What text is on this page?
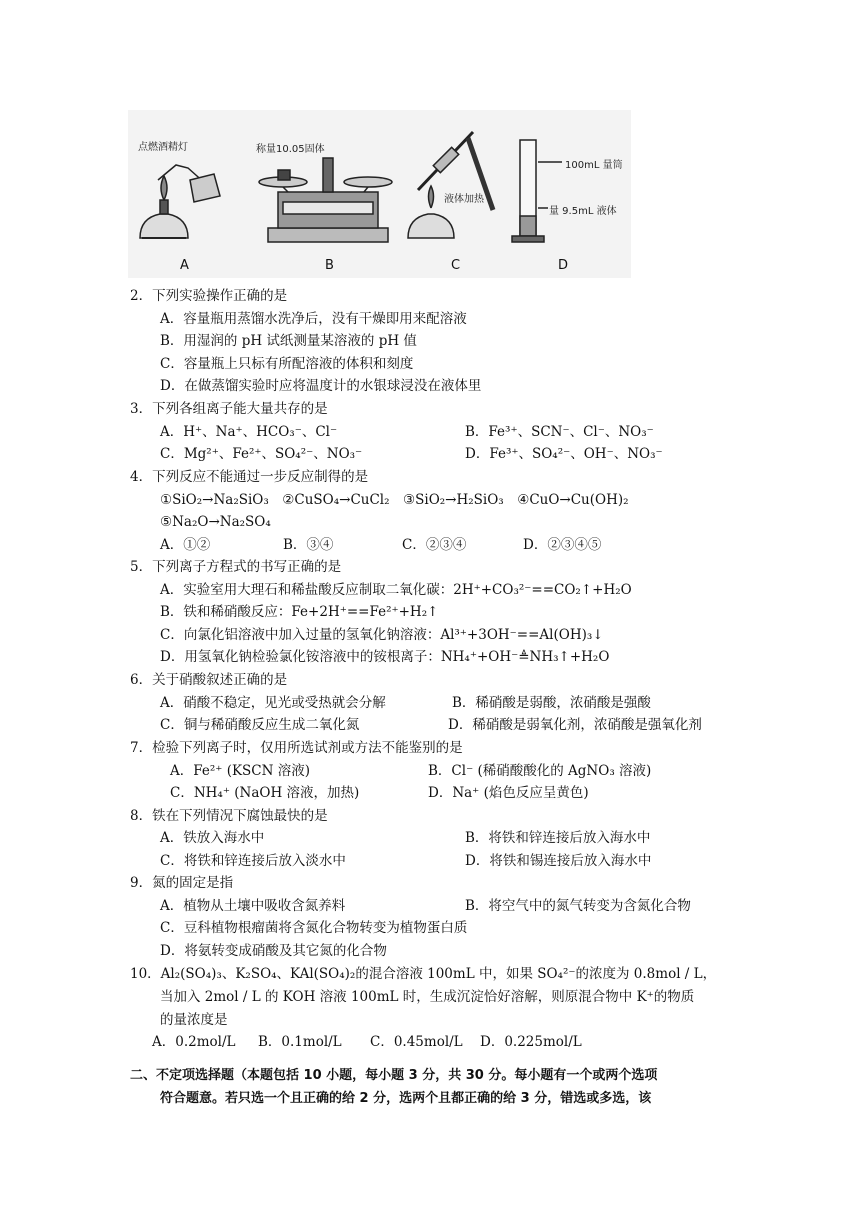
点燃酒精灯	称量10.05固体
液体加热
100mL 量筒
量 9.5mL 液体
A	B	C	D
2．下列实验操作正确的是
A．容量瓶用蒸馏水洗净后，没有干燥即用来配溶液
B．用湿润的 pH 试纸测量某溶液的 pH 值
C．容量瓶上只标有所配溶液的体积和刻度
D．在做蒸馏实验时应将温度计的水银球浸没在液体里
3．下列各组离子能大量共存的是
A．H⁺、Na⁺、HCO₃⁻、Cl⁻	B．Fe³⁺、SCN⁻、Cl⁻、NO₃⁻
C．Mg²⁺、Fe²⁺、SO₄²⁻、NO₃⁻	D．Fe³⁺、SO₄²⁻、OH⁻、NO₃⁻
4．下列反应不能通过一步反应制得的是
①SiO₂→Na₂SiO₃　②CuSO₄→CuCl₂　③SiO₂→H₂SiO₃　④CuO→Cu(OH)₂
⑤Na₂O→Na₂SO₄
A．①②	B．③④	C．②③④	D．②③④⑤
5．下列离子方程式的书写正确的是
A．实验室用大理石和稀盐酸反应制取二氧化碳：2H⁺+CO₃²⁻==CO₂↑+H₂O
B．铁和稀硝酸反应：Fe+2H⁺==Fe²⁺+H₂↑
C．向氯化铝溶液中加入过量的氢氧化钠溶液：Al³⁺+3OH⁻==Al(OH)₃↓
D．用氢氧化钠检验氯化铵溶液中的铵根离子：NH₄⁺+OH⁻≜NH₃↑+H₂O
6．关于硝酸叙述正确的是
A．硝酸不稳定，见光或受热就会分解	B．稀硝酸是弱酸，浓硝酸是强酸
C．铜与稀硝酸反应生成二氧化氮	D．稀硝酸是弱氧化剂，浓硝酸是强氧化剂
7．检验下列离子时，仅用所选试剂或方法不能鉴别的是
A．Fe²⁺ (KSCN 溶液)	B．Cl⁻ (稀硝酸酸化的 AgNO₃ 溶液)
C．NH₄⁺ (NaOH 溶液，加热)	D．Na⁺ (焰色反应呈黄色)
8．铁在下列情况下腐蚀最快的是
A．铁放入海水中	B．将铁和锌连接后放入海水中
C．将铁和锌连接后放入淡水中	D．将铁和锡连接后放入海水中
9．氮的固定是指
A．植物从土壤中吸收含氮养料	B．将空气中的氮气转变为含氮化合物
C．豆科植物根瘤菌将含氮化合物转变为植物蛋白质
D．将氨转变成硝酸及其它氮的化合物
10．Al₂(SO₄)₃、K₂SO₄、KAl(SO₄)₂的混合溶液 100mL 中，如果 SO₄²⁻的浓度为 0.8mol / L，
当加入 2mol / L 的 KOH 溶液 100mL 时，生成沉淀恰好溶解，则原混合物中 K⁺的物质
的量浓度是
A．0.2mol/L B．0.1mol/L C．0.45mol/L D．0.225mol/L
二、不定项选择题（本题包括 10 小题，每小题 3 分，共 30 分。每小题有一个或两个选项
符合题意。若只选一个且正确的给 2 分，选两个且都正确的给 3 分，错选或多选，该
